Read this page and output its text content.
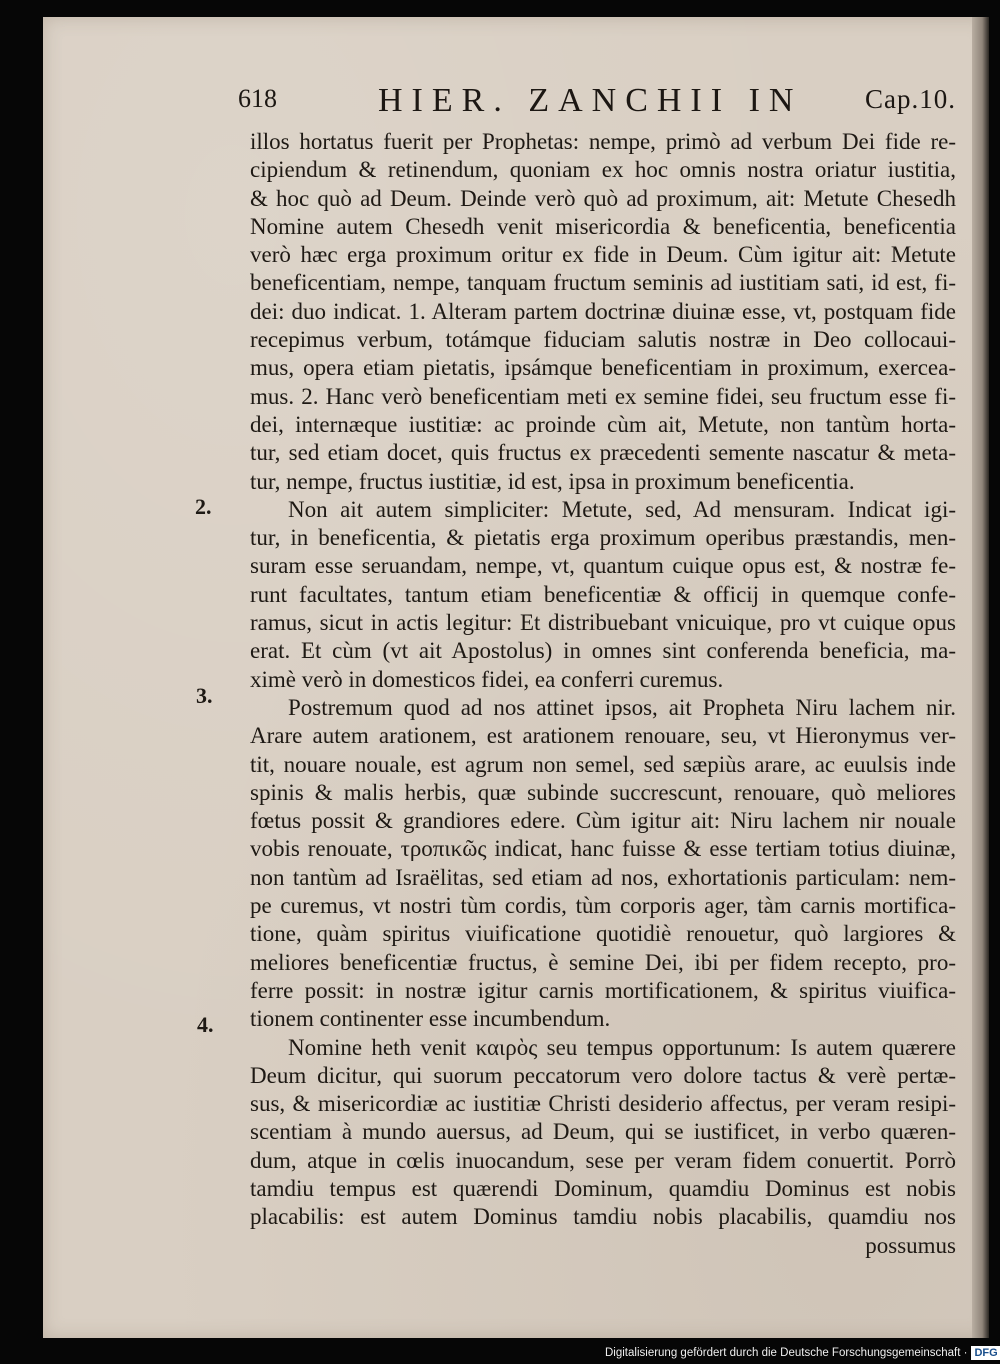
618	HIER. ZANCHII IN Cap.10.
2.
3.
4.
illos hortatus fuerit per Prophetas: nempe, primò ad verbum Dei fide re-
cipiendum & retinendum, quoniam ex hoc omnis nostra oriatur iustitia,
& hoc quò ad Deum. Deinde verò quò ad proximum, ait: Metute Chesedh
Nomine autem Chesedh venit misericordia & beneficentia, beneficentia
verò hæc erga proximum oritur ex fide in Deum. Cùm igitur ait: Metute
beneficentiam, nempe, tanquam fructum seminis ad iustitiam sati, id est, fi-
dei: duo indicat. 1. Alteram partem doctrinæ diuinæ esse, vt, postquam fide
recepimus verbum, totámque fiduciam salutis nostræ in Deo collocaui-
mus, opera etiam pietatis, ipsámque beneficentiam in proximum, exercea-
mus. 2. Hanc verò beneficentiam meti ex semine fidei, seu fructum esse fi-
dei, internæque iustitiæ: ac proinde cùm ait, Metute, non tantùm horta-
tur, sed etiam docet, quis fructus ex præcedenti semente nascatur & meta-
tur, nempe, fructus iustitiæ, id est, ipsa in proximum beneficentia.
Non ait autem simpliciter: Metute, sed, Ad mensuram. Indicat igi-
tur, in beneficentia, & pietatis erga proximum operibus præstandis, men-
suram esse seruandam, nempe, vt, quantum cuique opus est, & nostræ fe-
runt facultates, tantum etiam beneficentiæ & officij in quemque confe-
ramus, sicut in actis legitur: Et distribuebant vnicuique, pro vt cuique opus
erat. Et cùm (vt ait Apostolus) in omnes sint conferenda beneficia, ma-
ximè verò in domesticos fidei, ea conferri curemus.
Postremum quod ad nos attinet ipsos, ait Propheta Niru lachem nir.
Arare autem arationem, est arationem renouare, seu, vt Hieronymus ver-
tit, nouare nouale, est agrum non semel, sed sæpiùs arare, ac euulsis inde
spinis & malis herbis, quæ subinde succrescunt, renouare, quò meliores
fœtus possit & grandiores edere. Cùm igitur ait: Niru lachem nir nouale
vobis renouate, τροπικῶς indicat, hanc fuisse & esse tertiam totius diuinæ,
non tantùm ad Israëlitas, sed etiam ad nos, exhortationis particulam: nem-
pe curemus, vt nostri tùm cordis, tùm corporis ager, tàm carnis mortifica-
tione, quàm spiritus viuificatione quotidiè renouetur, quò largiores &
meliores beneficentiæ fructus, è semine Dei, ibi per fidem recepto, pro-
ferre possit: in nostræ igitur carnis mortificationem, & spiritus viuifica-
tionem continenter esse incumbendum.
Nomine heth venit καιρὸς seu tempus opportunum: Is autem quærere
Deum dicitur, qui suorum peccatorum vero dolore tactus & verè pertæ-
sus, & misericordiæ ac iustitiæ Christi desiderio affectus, per veram resipi-
scentiam à mundo auersus, ad Deum, qui se iustificet, in verbo quæren-
dum, atque in cœlis inuocandum, sese per veram fidem conuertit. Porrò
tamdiu tempus est quærendi Dominum, quamdiu Dominus est nobis
placabilis: est autem Dominus tamdiu nobis placabilis, quamdiu nos
possumus
Digitalisierung gefördert durch die Deutsche Forschungsgemeinschaft · DFG
